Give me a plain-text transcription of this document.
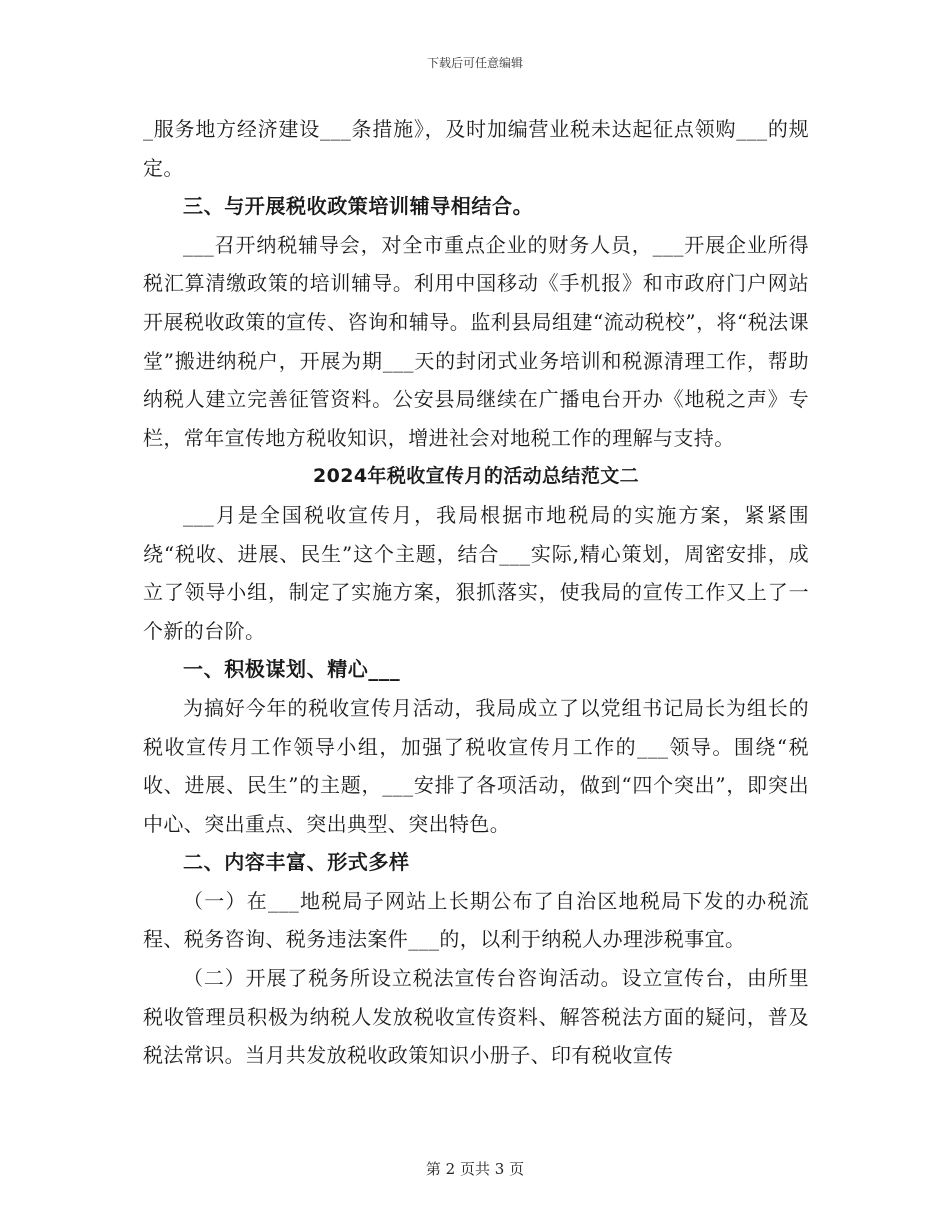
下载后可任意编辑

_服务地方经济建设___条措施》，及时加编营业税未达起征点领购___的规定。

三、与开展税收政策培训辅导相结合。

___召开纳税辅导会，对全市重点企业的财务人员，___开展企业所得税汇算清缴政策的培训辅导。利用中国移动《手机报》和市政府门户网站开展税收政策的宣传、咨询和辅导。监利县局组建“流动税校”，将“税法课堂”搬进纳税户，开展为期___天的封闭式业务培训和税源清理工作，帮助纳税人建立完善征管资料。公安县局继续在广播电台开办《地税之声》专栏，常年宣传地方税收知识，增进社会对地税工作的理解与支持。

2024年税收宣传月的活动总结范文二

___月是全国税收宣传月，我局根据市地税局的实施方案，紧紧围绕“税收、进展、民生”这个主题，结合___实际,精心策划，周密安排，成立了领导小组，制定了实施方案，狠抓落实，使我局的宣传工作又上了一个新的台阶。

一、积极谋划、精心___

为搞好今年的税收宣传月活动，我局成立了以党组书记局长为组长的税收宣传月工作领导小组，加强了税收宣传月工作的___领导。围绕“税收、进展、民生”的主题，___安排了各项活动，做到“四个突出”，即突出中心、突出重点、突出典型、突出特色。

二、内容丰富、形式多样

（一）在___地税局子网站上长期公布了自治区地税局下发的办税流程、税务咨询、税务违法案件___的，以利于纳税人办理涉税事宜。

（二）开展了税务所设立税法宣传台咨询活动。设立宣传台，由所里税收管理员积极为纳税人发放税收宣传资料、解答税法方面的疑问，普及税法常识。当月共发放税收政策知识小册子、印有税收宣传

第 2 页共 3 页
